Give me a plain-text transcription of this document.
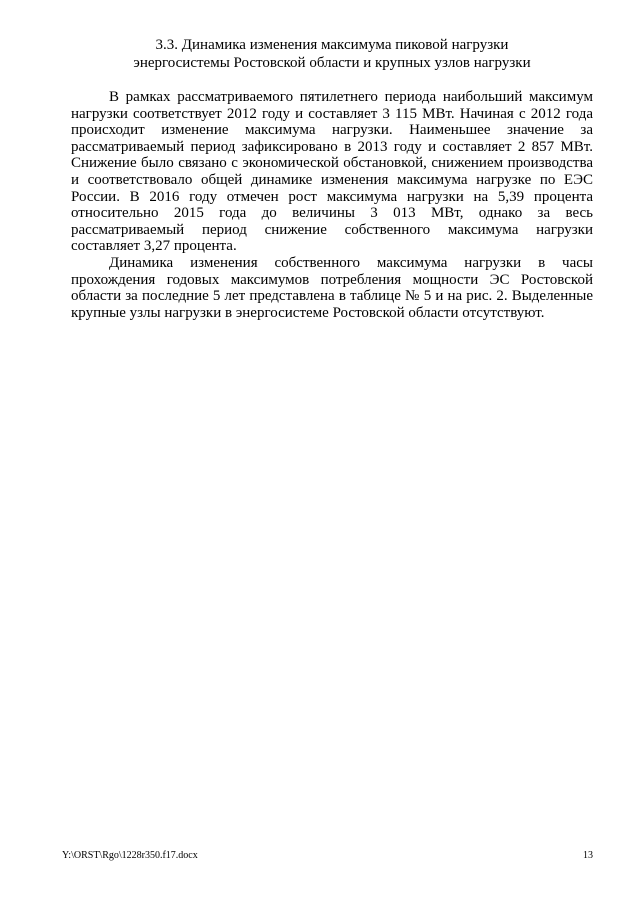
3.3. Динамика изменения максимума пиковой нагрузки
энергосистемы Ростовской области и крупных узлов нагрузки

В рамках рассматриваемого пятилетнего периода наибольший максимум нагрузки соответствует 2012 году и составляет 3 115 МВт. Начиная с 2012 года происходит изменение максимума нагрузки. Наименьшее значение за рассматриваемый период зафиксировано в 2013 году и составляет 2 857 МВт. Снижение было связано с экономической обстановкой, снижением производства и соответствовало общей динамике изменения максимума нагрузке по ЕЭС России. В 2016 году отмечен рост максимума нагрузки на 5,39 процента относительно 2015 года до величины 3 013 МВт, однако за весь рассматриваемый период снижение собственного максимума нагрузки составляет 3,27 процента.

Динамика изменения собственного максимума нагрузки в часы прохождения годовых максимумов потребления мощности ЭС Ростовской области за последние 5 лет представлена в таблице № 5 и на рис. 2. Выделенные крупные узлы нагрузки в энергосистеме Ростовской области отсутствуют.

Y:\ORST\Rgo\1228r350.f17.docx	13
